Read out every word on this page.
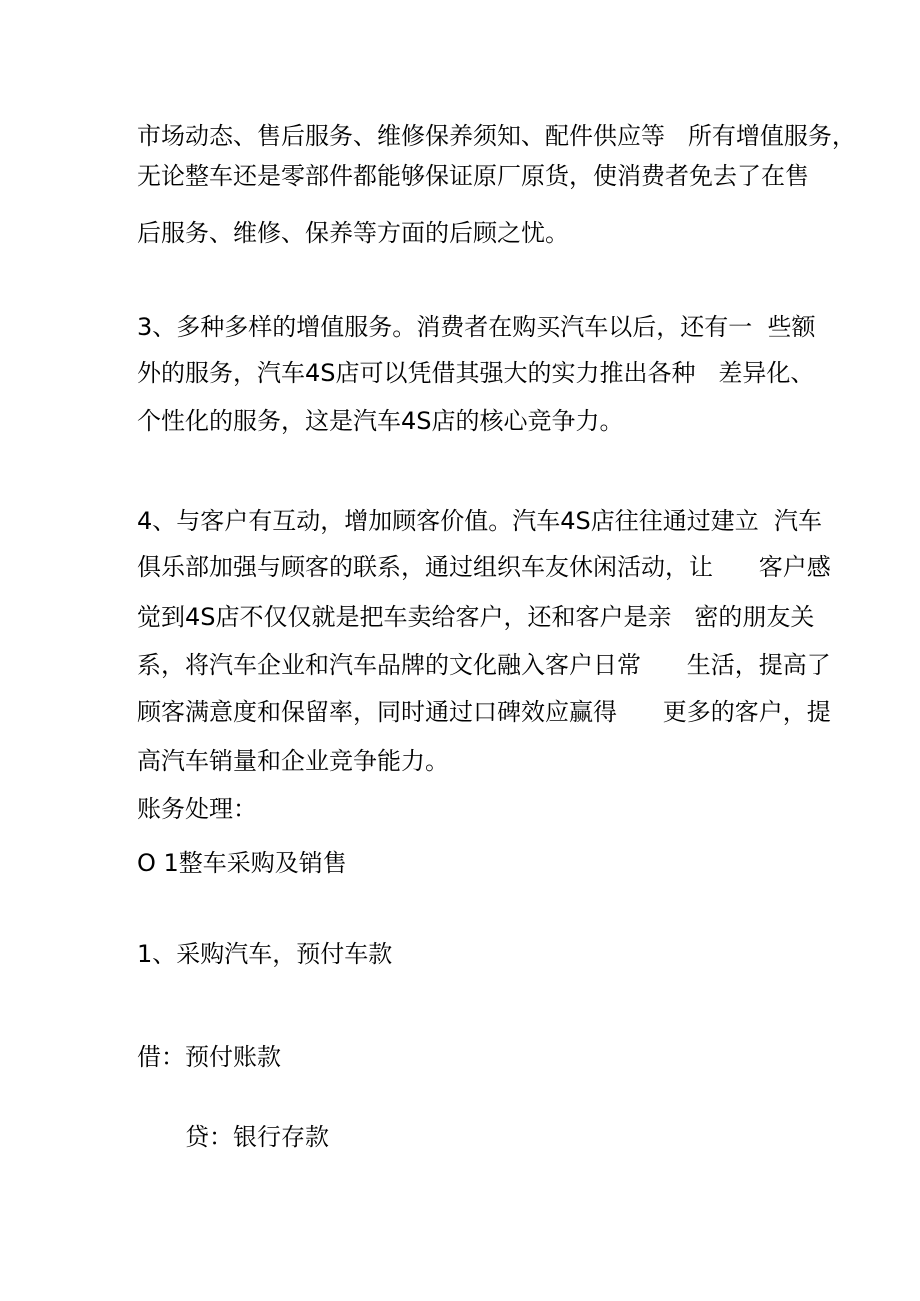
市场动态、售后服务、维修保养须知、配件供应等   所有增值服务，
无论整车还是零部件都能够保证原厂原货，使消费者免去了在售
后服务、维修、保养等方面的后顾之忧。
3、多种多样的增值服务。消费者在购买汽车以后，还有一  些额
外的服务，汽车4S店可以凭借其强大的实力推出各种   差异化、
个性化的服务，这是汽车4S店的核心竞争力。
4、与客户有互动，增加顾客价值。汽车4S店往往通过建立  汽车
俱乐部加强与顾客的联系，通过组织车友休闲活动，让      客户感
觉到4S店不仅仅就是把车卖给客户，还和客户是亲   密的朋友关
系，将汽车企业和汽车品牌的文化融入客户日常      生活，提高了
顾客满意度和保留率，同时通过口碑效应赢得      更多的客户，提
高汽车销量和企业竞争能力。
账务处理：
O 1整车采购及销售
1、采购汽车，预付车款
借：预付账款
贷：银行存款
